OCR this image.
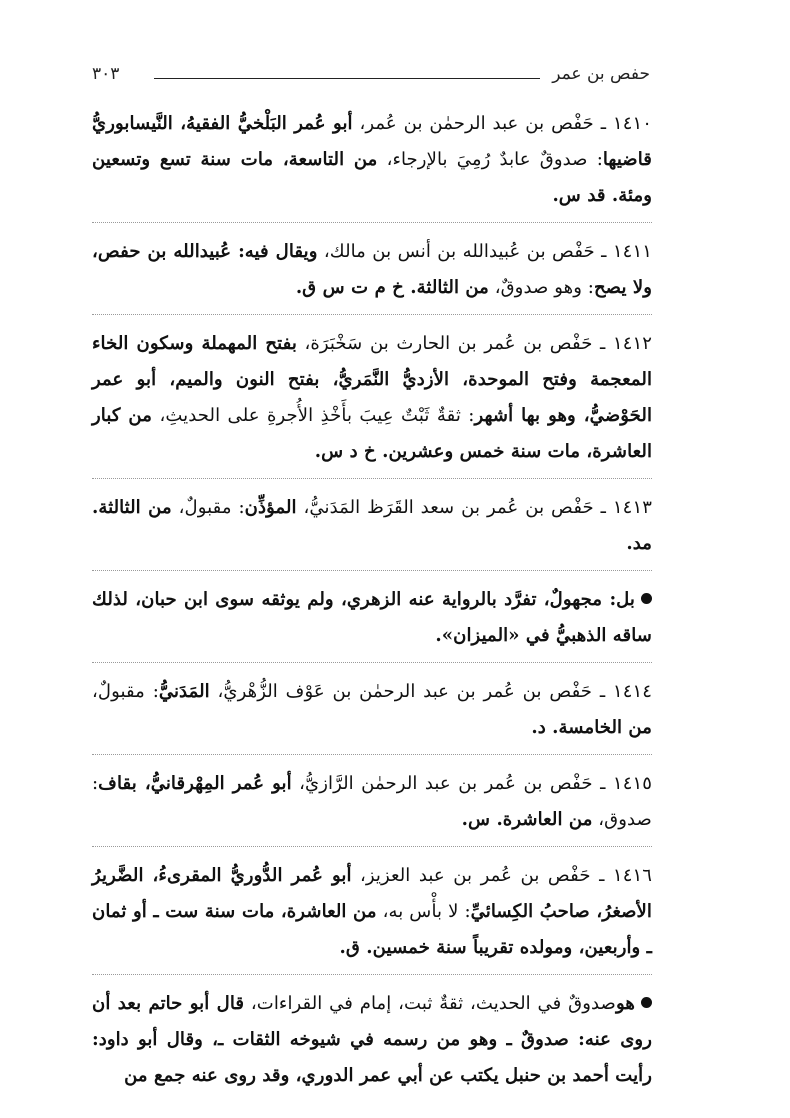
حفص بن عمر
٣٠٣

١٤١٠ ـ حَفْص بن عبد الرحمٰن بن عُمر، أبو عُمر البَلْخيُّ الفقيهُ، النَّيسابوريُّ قاضيها: صدوقٌ عابدٌ رُمِيَ بالإرجاء، من التاسعة، مات سنة تسع وتسعين ومئة. قد س.

١٤١١ ـ حَفْص بن عُبيدالله بن أنس بن مالك، ويقال فيه: عُبيدالله بن حفص، ولا يصح: وهو صدوقٌ، من الثالثة. خ م ت س ق.

١٤١٢ ـ حَفْص بن عُمر بن الحارث بن سَخْبَرَة، بفتح المهملة وسكون الخاء المعجمة وفتح الموحدة، الأزديُّ النَّمَريُّ، بفتح النون والميم، أبو عمر الحَوْضيُّ، وهو بها أشهر: ثقةٌ ثَبْتٌ عِيبَ بأَخْذِ الأُجرةِ على الحديثِ، من كبار العاشرة، مات سنة خمس وعشرين. خ د س.

١٤١٣ ـ حَفْص بن عُمر بن سعد القَرَظ المَدَنيُّ، المؤذِّن: مقبولٌ، من الثالثة. مد.

بل: مجهولٌ، تفرَّد بالرواية عنه الزهري، ولم يوثقه سوى ابن حبان، لذلك ساقه الذهبيُّ في «الميزان».

١٤١٤ ـ حَفْص بن عُمر بن عبد الرحمٰن بن عَوْف الزُّهْريُّ، المَدَنيُّ: مقبولٌ، من الخامسة. د.

١٤١٥ ـ حَفْص بن عُمر بن عبد الرحمٰن الرَّازيُّ، أبو عُمر المِهْرقانيُّ، بقاف: صدوق، من العاشرة. س.

١٤١٦ ـ حَفْص بن عُمر بن عبد العزيز، أبو عُمر الدُّوريُّ المقرىءُ، الضَّريرُ الأصغرُ، صاحبُ الكِسائيِّ: لا بأْس به، من العاشرة، مات سنة ست ـ أو ثمان ـ وأربعين، ومولده تقريباً سنة خمسين. ق.

هوصدوقٌ في الحديث، ثقةٌ ثبت، إمام في القراءات، قال أبو حاتم بعد أن روى عنه: صدوقٌ ـ وهو من رسمه في شيوخه الثقات ـ، وقال أبو داود: رأيت أحمد بن حنبل يكتب عن أبي عمر الدوري، وقد روى عنه جمع من
